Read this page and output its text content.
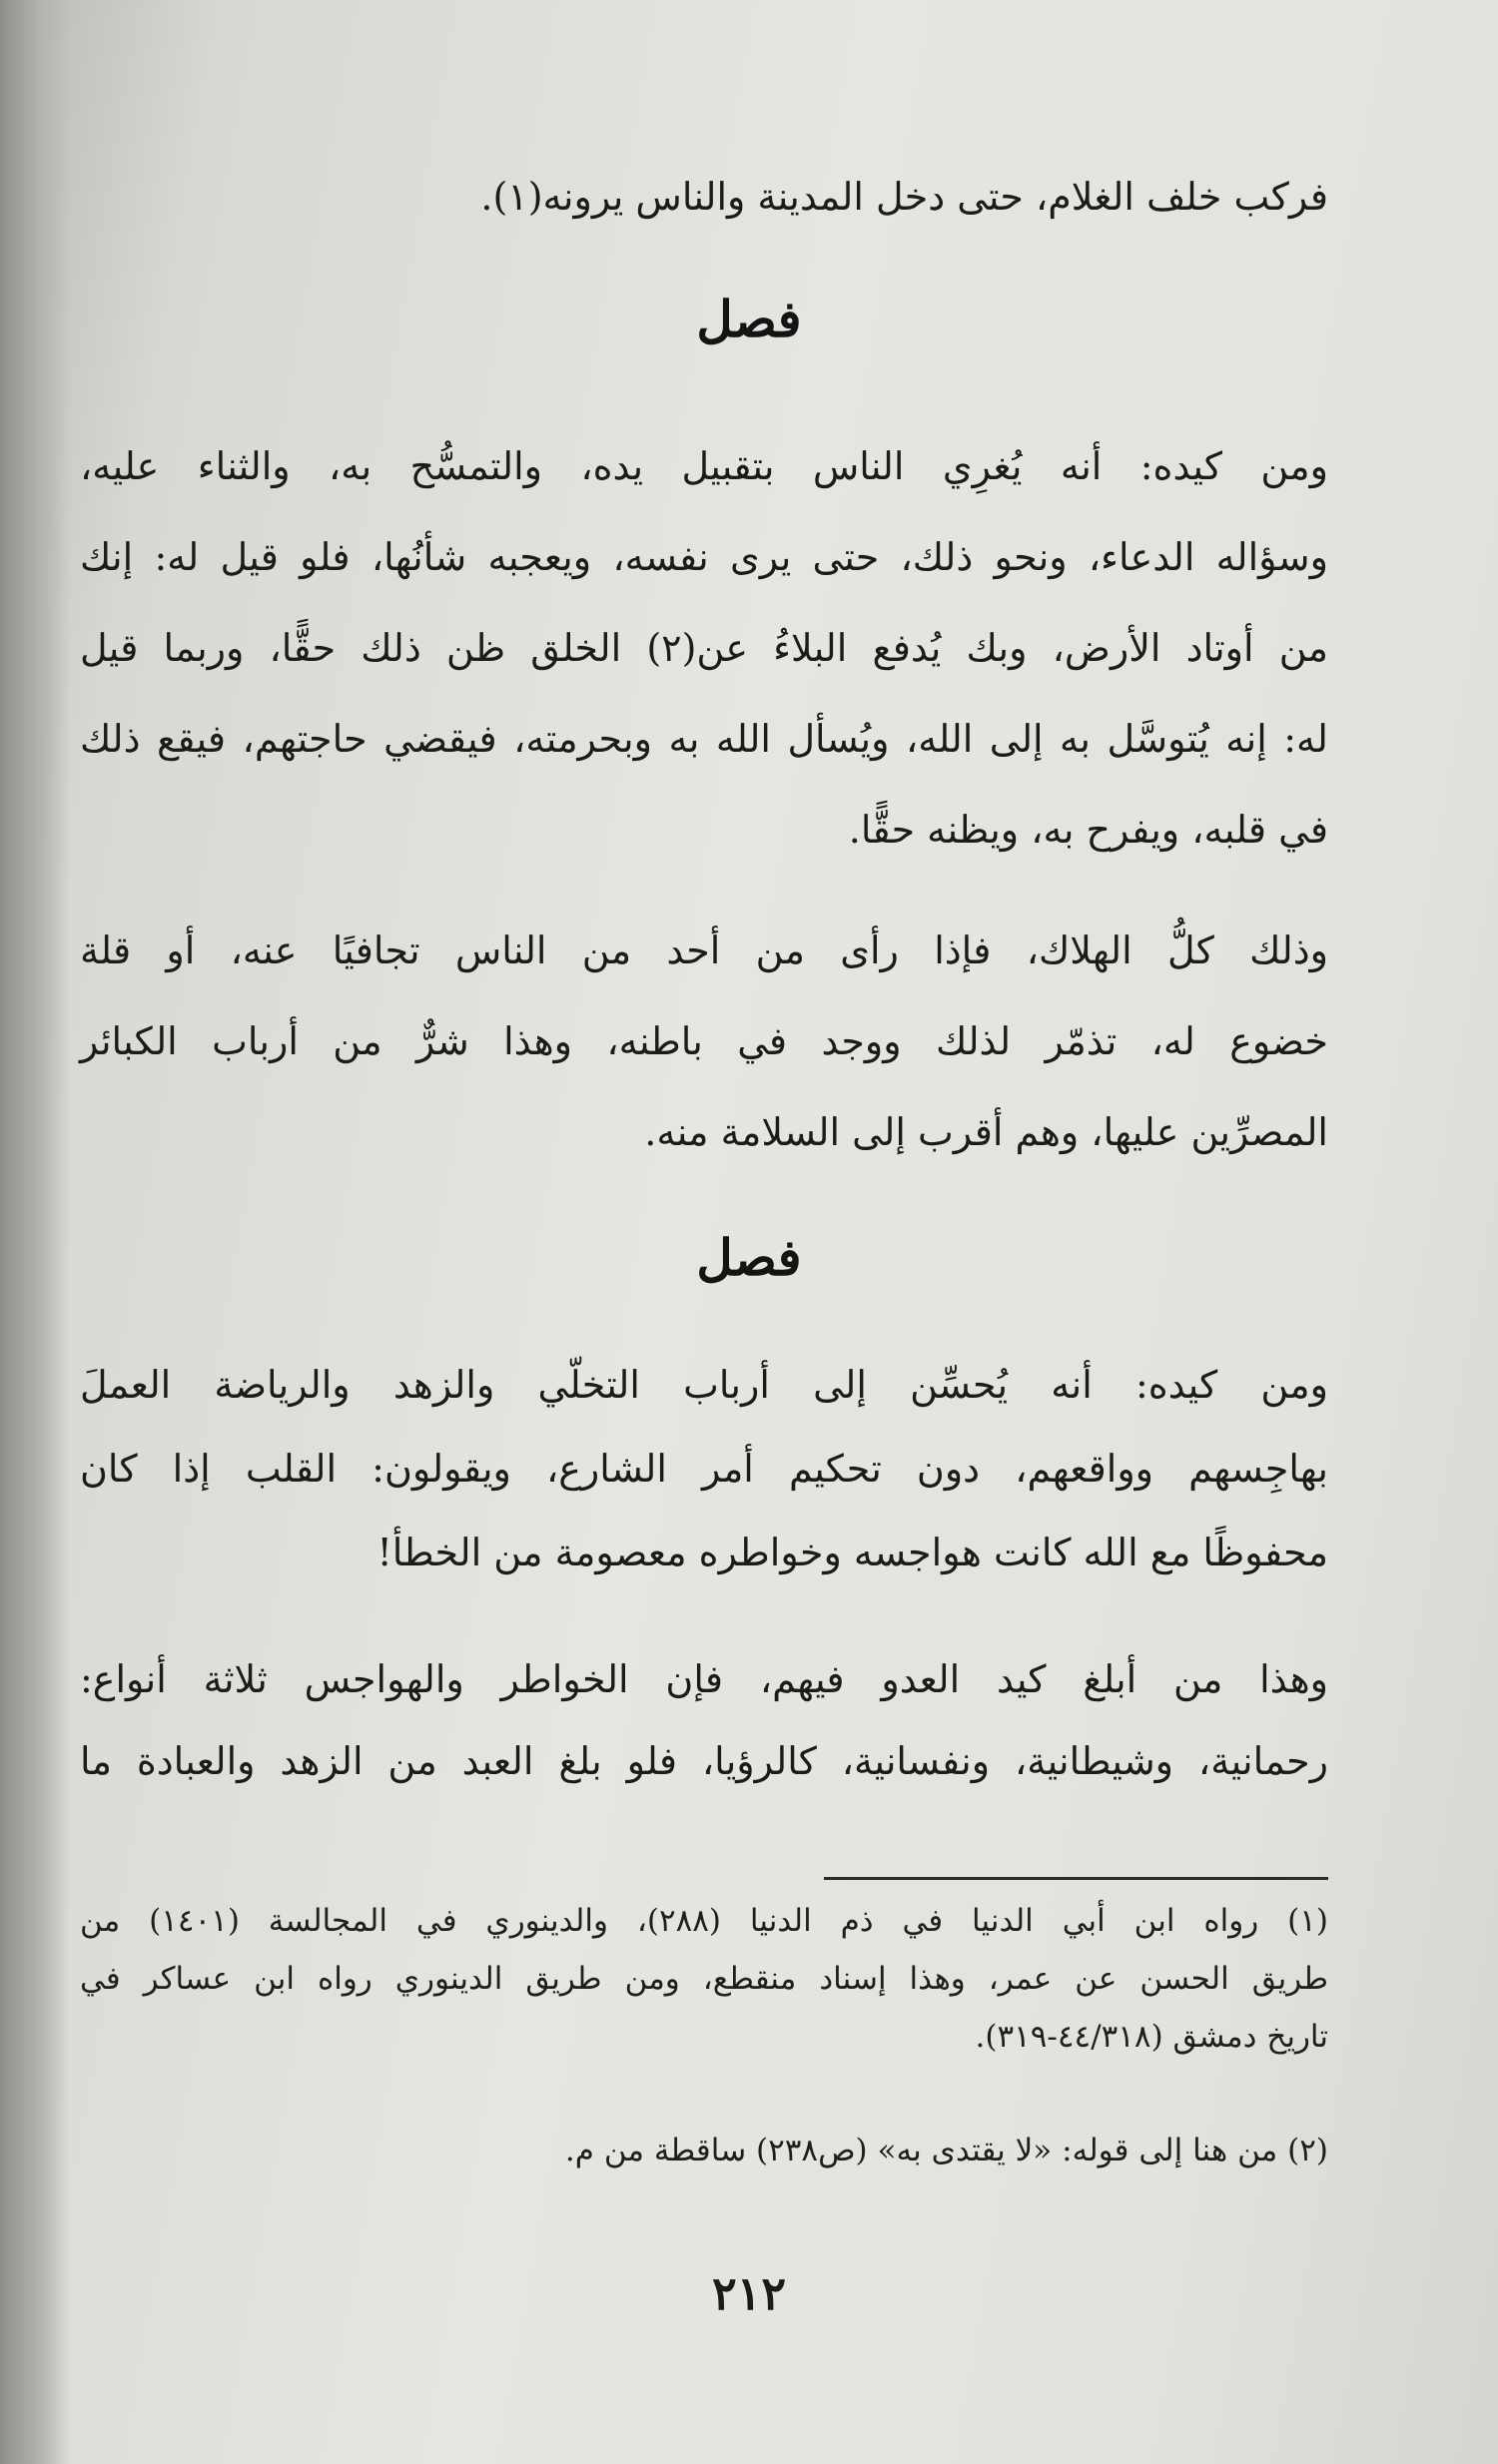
فركب خلف الغلام، حتى دخل المدينة والناس يرونه(١).
فصل
ومن كيده: أنه يُغرِي الناس بتقبيل يده، والتمسُّح به، والثناء عليه،
وسؤاله الدعاء، ونحو ذلك، حتى يرى نفسه، ويعجبه شأنُها، فلو قيل له: إنك
من أوتاد الأرض، وبك يُدفع البلاءُ عن(٢) الخلق ظن ذلك حقًّا، وربما قيل
له: إنه يُتوسَّل به إلى الله، ويُسأل الله به وبحرمته، فيقضي حاجتهم، فيقع ذلك
في قلبه، ويفرح به، ويظنه حقًّا.
وذلك كلُّ الهلاك، فإذا رأى من أحد من الناس تجافيًا عنه، أو قلة
خضوع له، تذمّر لذلك ووجد في باطنه، وهذا شرٌّ من أرباب الكبائر
المصرِّين عليها، وهم أقرب إلى السلامة منه.
فصل
ومن كيده: أنه يُحسِّن إلى أرباب التخلّي والزهد والرياضة العملَ
بهاجِسهم وواقعهم، دون تحكيم أمر الشارع، ويقولون: القلب إذا كان
محفوظًا مع الله كانت هواجسه وخواطره معصومة من الخطأ!
وهذا من أبلغ كيد العدو فيهم، فإن الخواطر والهواجس ثلاثة أنواع:
رحمانية، وشيطانية، ونفسانية، كالرؤيا، فلو بلغ العبد من الزهد والعبادة ما
(١) رواه ابن أبي الدنيا في ذم الدنيا (٢٨٨)، والدينوري في المجالسة (١٤٠١) من
طريق الحسن عن عمر، وهذا إسناد منقطع، ومن طريق الدينوري رواه ابن عساكر في
تاريخ دمشق (٤٤/٣١٨-٣١٩).
(٢) من هنا إلى قوله: «لا يقتدى به» (ص٢٣٨) ساقطة من م.
٢١٢
